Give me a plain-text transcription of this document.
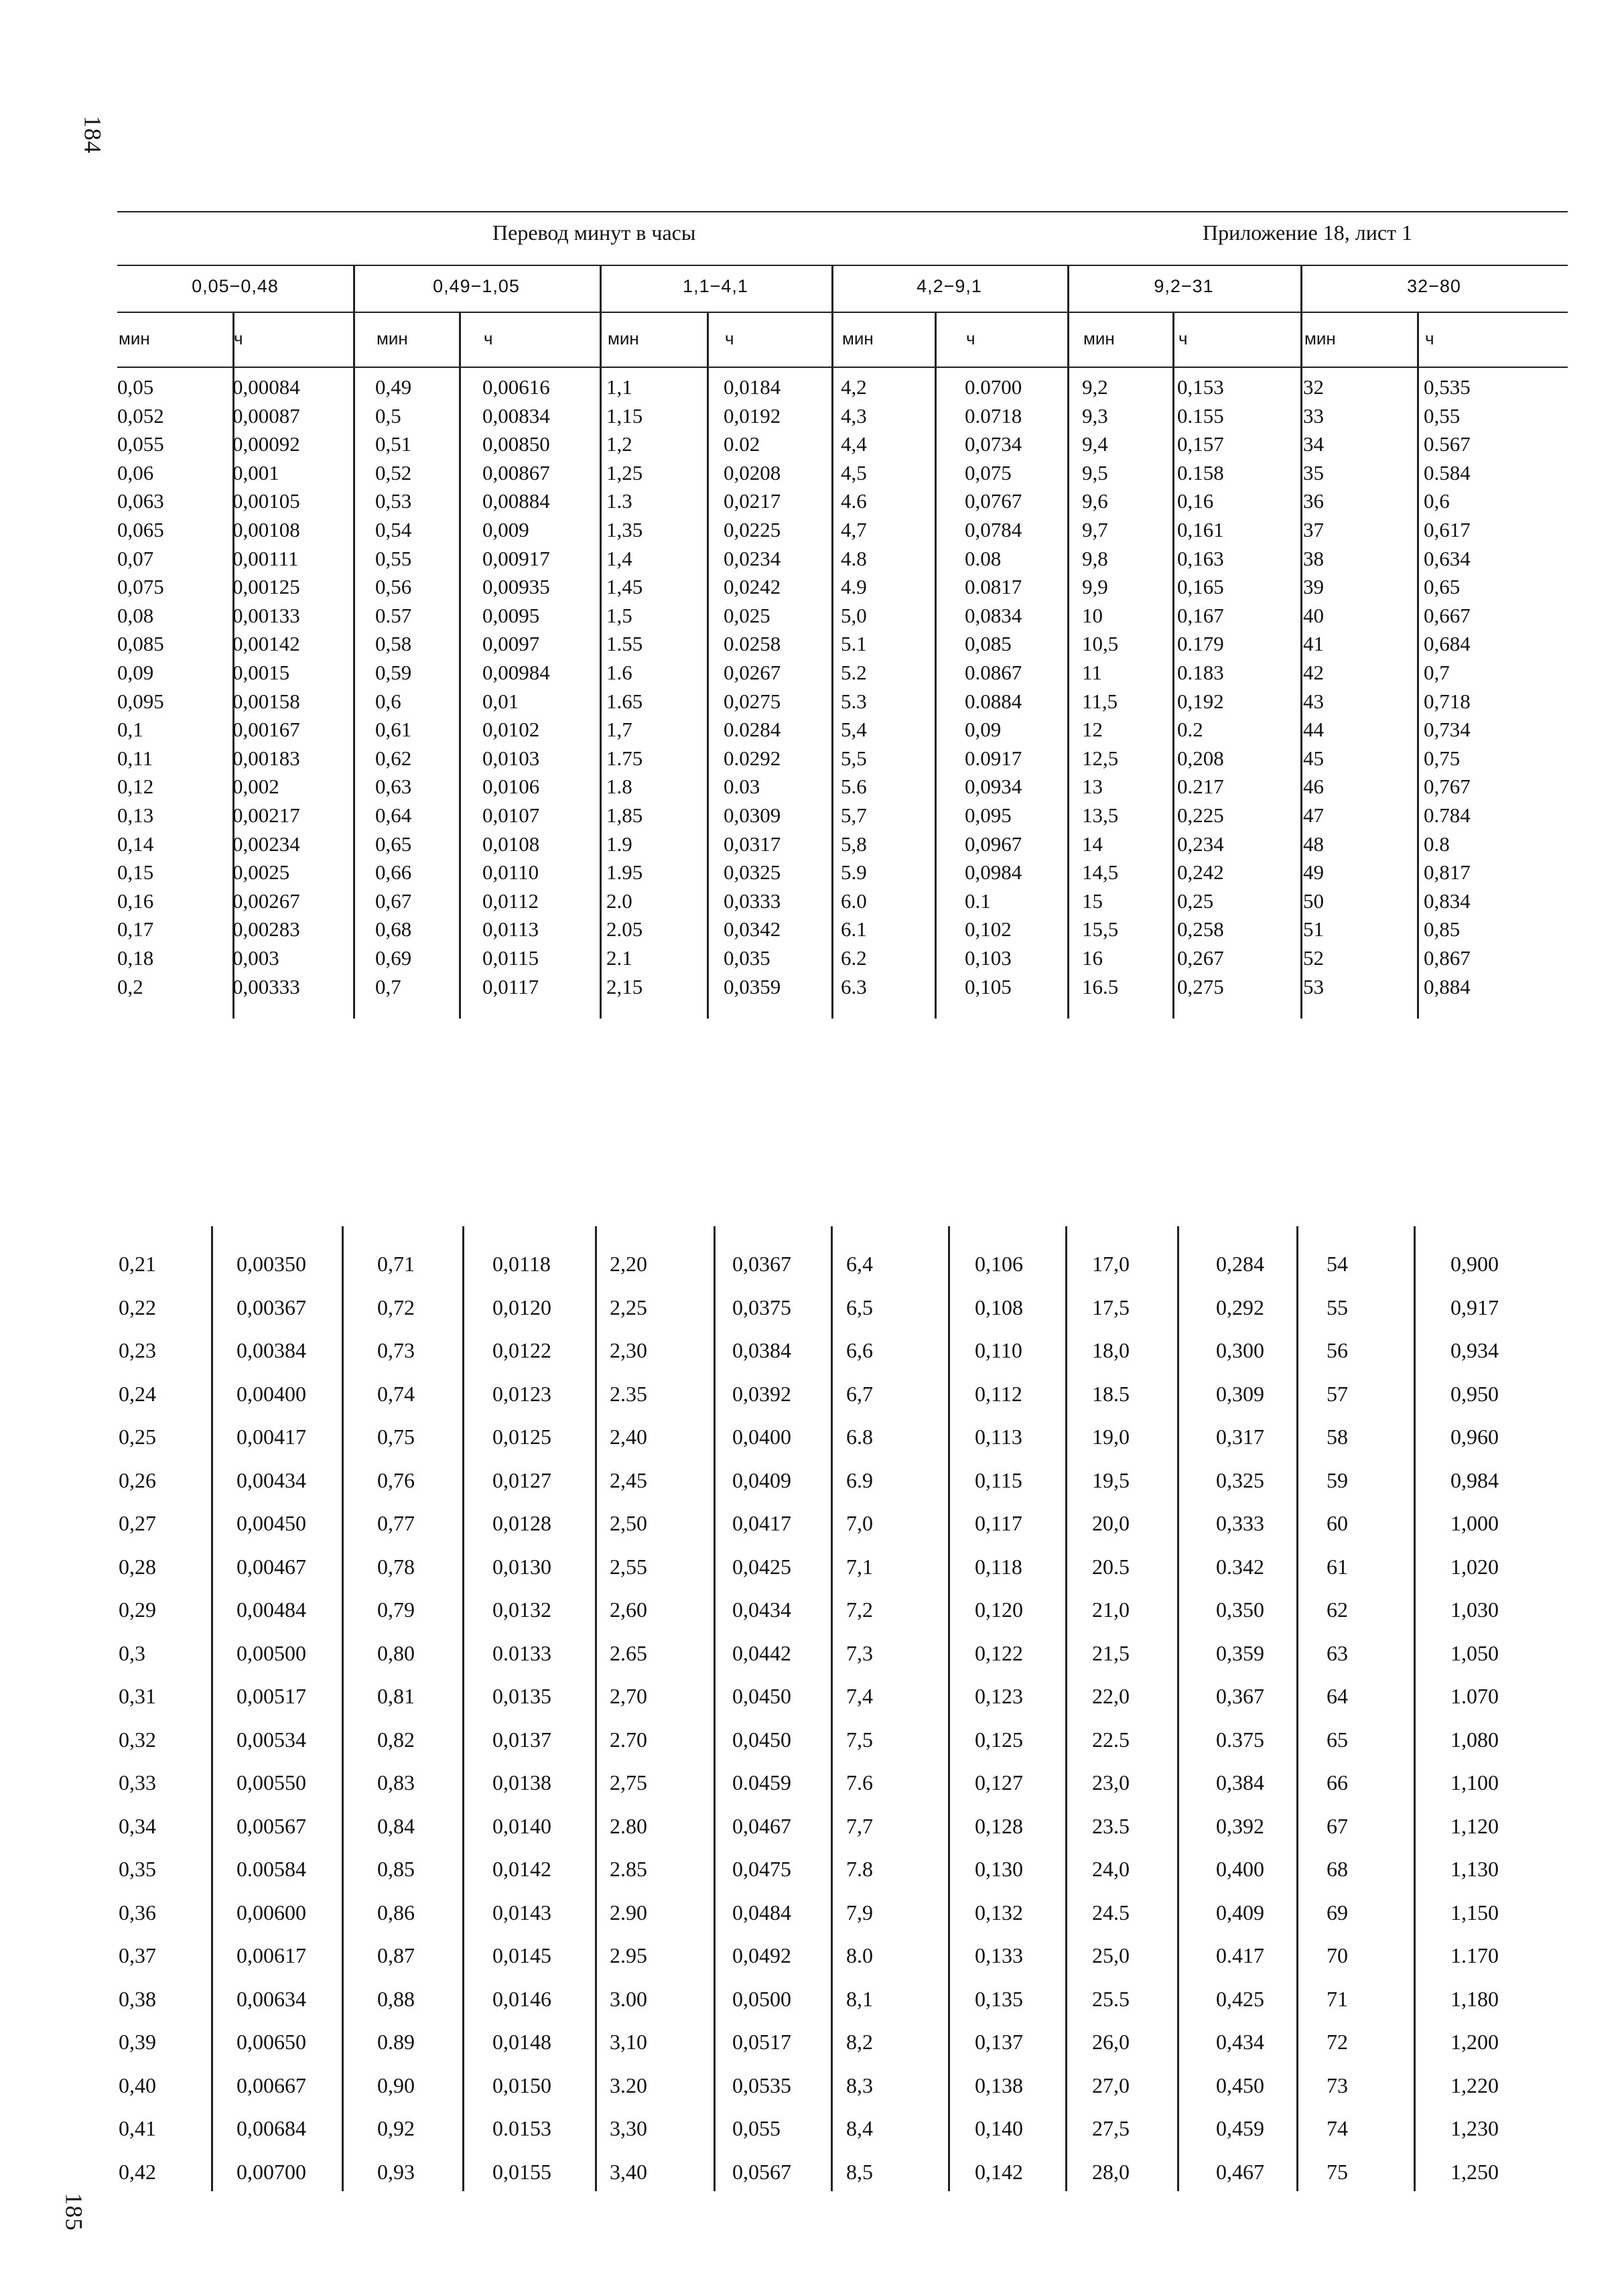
184
185
Перевод минут в часы	Приложение 18, лист 1
0,05−0,48	0,49−1,05	1,1−4,1	4,2−9,1	9,2−31	32−80
мин	ч	мин	ч	мин	ч	мин	ч	мин	ч	мин	ч
0,05	0,00084	0,49	0,00616	1,1	0,0184	4,2	0.0700	9,2	0,153	32	0,535
0,052	0,00087	0,5	0,00834	1,15	0,0192	4,3	0.0718	9,3	0.155	33	0,55
0,055	0,00092	0,51	0,00850	1,2	0.02	4,4	0,0734	9,4	0,157	34	0.567
0,06	0,001	0,52	0,00867	1,25	0,0208	4,5	0,075	9,5	0.158	35	0.584
0,063	0,00105	0,53	0,00884	1.3	0,0217	4.6	0,0767	9,6	0,16	36	0,6
0,065	0,00108	0,54	0,009	1,35	0,0225	4,7	0,0784	9,7	0,161	37	0,617
0,07	0,00111	0,55	0,00917	1,4	0,0234	4.8	0.08	9,8	0,163	38	0,634
0,075	0,00125	0,56	0,00935	1,45	0,0242	4.9	0.0817	9,9	0,165	39	0,65
0,08	0,00133	0.57	0,0095	1,5	0,025	5,0	0,0834	10	0,167	40	0,667
0,085	0,00142	0,58	0,0097	1.55	0.0258	5.1	0,085	10,5	0.179	41	0,684
0,09	0,0015	0,59	0,00984	1.6	0,0267	5.2	0.0867	11	0.183	42	0,7
0,095	0,00158	0,6	0,01	1.65	0,0275	5.3	0.0884	11,5	0,192	43	0,718
0,1	0,00167	0,61	0,0102	1,7	0.0284	5,4	0,09	12	0.2	44	0,734
0,11	0,00183	0,62	0,0103	1.75	0.0292	5,5	0.0917	12,5	0,208	45	0,75
0,12	0,002	0,63	0,0106	1.8	0.03	5.6	0,0934	13	0.217	46	0,767
0,13	0,00217	0,64	0,0107	1,85	0,0309	5,7	0,095	13,5	0,225	47	0.784
0,14	0,00234	0,65	0,0108	1.9	0,0317	5,8	0,0967	14	0,234	48	0.8
0,15	0,0025	0,66	0,0110	1.95	0,0325	5.9	0,0984	14,5	0,242	49	0,817
0,16	0,00267	0,67	0,0112	2.0	0,0333	6.0	0.1	15	0,25	50	0,834
0,17	0,00283	0,68	0,0113	2.05	0,0342	6.1	0,102	15,5	0,258	51	0,85
0,18	0,003	0,69	0,0115	2.1	0,035	6.2	0,103	16	0,267	52	0,867
0,2	0,00333	0,7	0,0117	2,15	0,0359	6.3	0,105	16.5	0,275	53	0,884
0,21	0,00350	0,71	0,0118	2,20	0,0367	6,4	0,106	17,0	0,284	54	0,900
0,22	0,00367	0,72	0,0120	2,25	0,0375	6,5	0,108	17,5	0,292	55	0,917
0,23	0,00384	0,73	0,0122	2,30	0,0384	6,6	0,110	18,0	0,300	56	0,934
0,24	0,00400	0,74	0,0123	2.35	0,0392	6,7	0,112	18.5	0,309	57	0,950
0,25	0,00417	0,75	0,0125	2,40	0,0400	6.8	0,113	19,0	0,317	58	0,960
0,26	0,00434	0,76	0,0127	2,45	0,0409	6.9	0,115	19,5	0,325	59	0,984
0,27	0,00450	0,77	0,0128	2,50	0,0417	7,0	0,117	20,0	0,333	60	1,000
0,28	0,00467	0,78	0,0130	2,55	0,0425	7,1	0,118	20.5	0.342	61	1,020
0,29	0,00484	0,79	0,0132	2,60	0,0434	7,2	0,120	21,0	0,350	62	1,030
0,3	0,00500	0,80	0.0133	2.65	0,0442	7,3	0,122	21,5	0,359	63	1,050
0,31	0,00517	0,81	0,0135	2,70	0,0450	7,4	0,123	22,0	0,367	64	1.070
0,32	0,00534	0,82	0,0137	2.70	0,0450	7,5	0,125	22.5	0.375	65	1,080
0,33	0,00550	0,83	0,0138	2,75	0.0459	7.6	0,127	23,0	0,384	66	1,100
0,34	0,00567	0,84	0,0140	2.80	0,0467	7,7	0,128	23.5	0,392	67	1,120
0,35	0.00584	0,85	0,0142	2.85	0,0475	7.8	0,130	24,0	0,400	68	1,130
0,36	0,00600	0,86	0,0143	2.90	0,0484	7,9	0,132	24.5	0,409	69	1,150
0,37	0,00617	0,87	0,0145	2.95	0,0492	8.0	0,133	25,0	0.417	70	1.170
0,38	0,00634	0,88	0,0146	3.00	0,0500	8,1	0,135	25.5	0,425	71	1,180
0,39	0,00650	0.89	0,0148	3,10	0,0517	8,2	0,137	26,0	0,434	72	1,200
0,40	0,00667	0,90	0,0150	3.20	0,0535	8,3	0,138	27,0	0,450	73	1,220
0,41	0,00684	0,92	0.0153	3,30	0,055	8,4	0,140	27,5	0,459	74	1,230
0,42	0,00700	0,93	0,0155	3,40	0,0567	8,5	0,142	28,0	0,467	75	1,250
